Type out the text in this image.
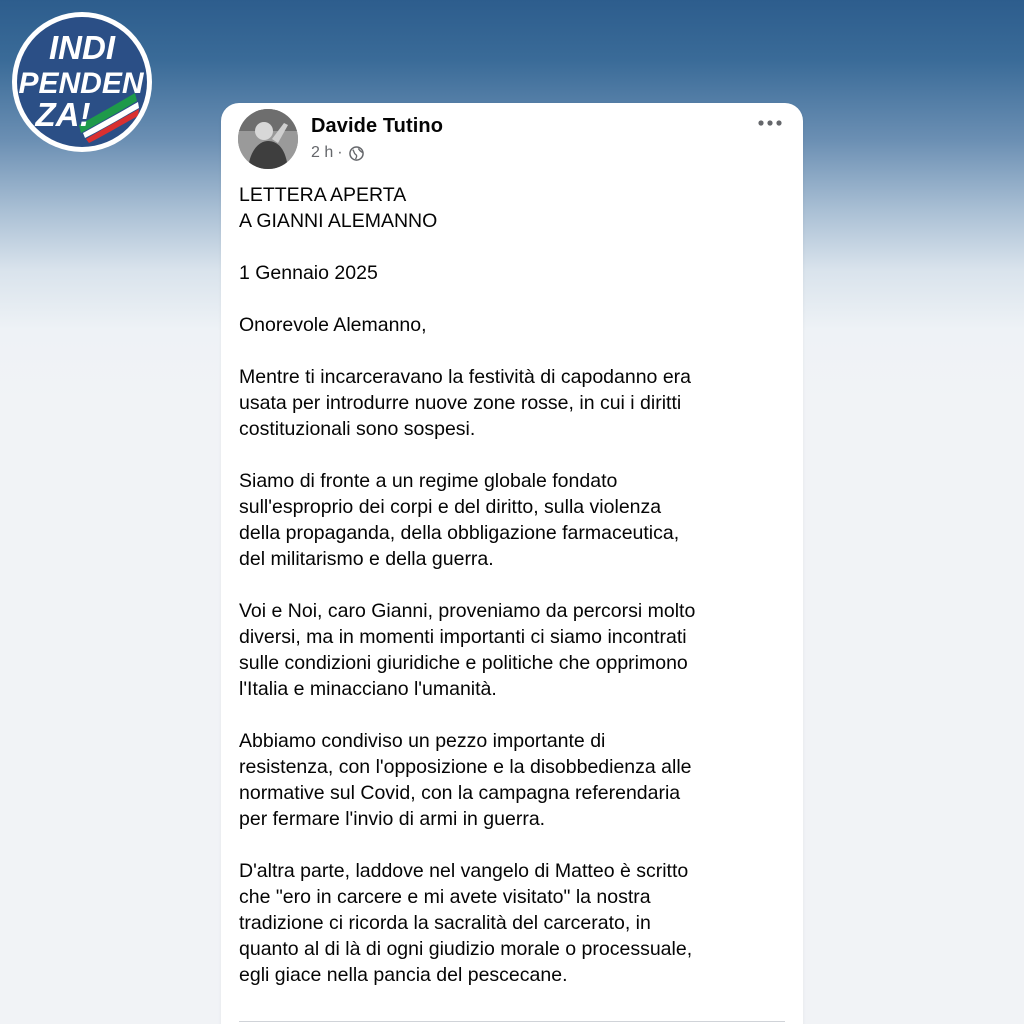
INDI
PENDEN
ZA!	Davide Tutino
2 h ·

LETTERA APERTA
A GIANNI ALEMANNO

1 Gennaio 2025

Onorevole Alemanno,

Mentre ti incarceravano la festività di capodanno era
usata per introdurre nuove zone rosse, in cui i diritti
costituzionali sono sospesi.

Siamo di fronte a un regime globale fondato
sull'esproprio dei corpi e del diritto, sulla violenza
della propaganda, della obbligazione farmaceutica,
del militarismo e della guerra.

Voi e Noi, caro Gianni, proveniamo da percorsi molto
diversi, ma in momenti importanti ci siamo incontrati
sulle condizioni giuridiche e politiche che opprimono
l'Italia e minacciano l'umanità.

Abbiamo condiviso un pezzo importante di
resistenza, con l'opposizione e la disobbedienza alle
normative sul Covid, con la campagna referendaria
per fermare l'invio di armi in guerra.

D'altra parte, laddove nel vangelo di Matteo è scritto
che "ero in carcere e mi avete visitato" la nostra
tradizione ci ricorda la sacralità del carcerato, in
quanto al di là di ogni giudizio morale o processuale,
egli giace nella pancia del pescecane.
